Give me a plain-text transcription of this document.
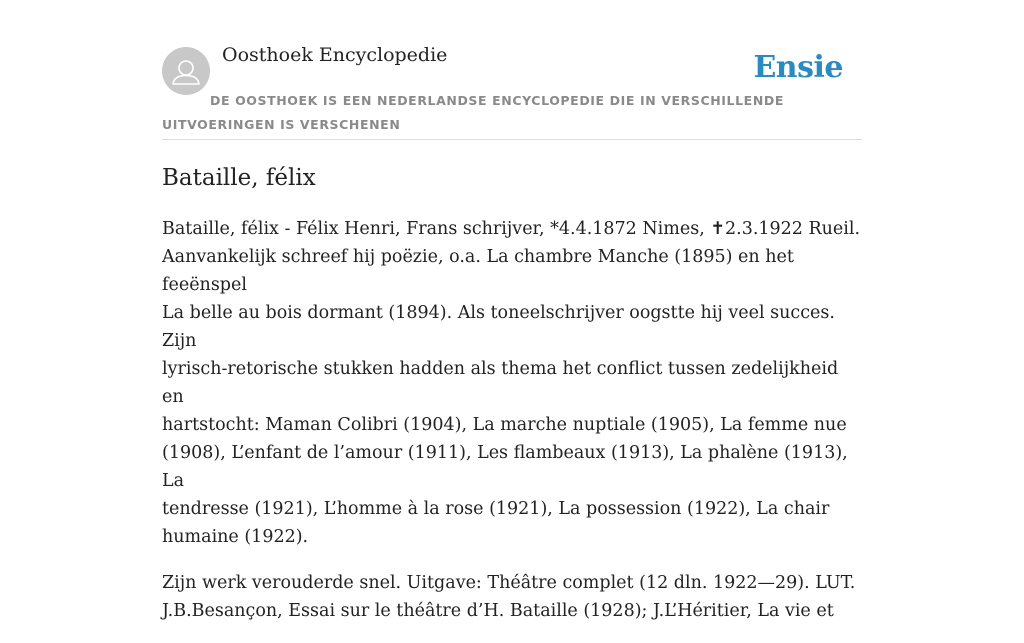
Oosthoek Encyclopedie	Ensie
DE OOSTHOEK IS EEN NEDERLANDSE ENCYCLOPEDIE DIE IN VERSCHILLENDE UITVOERINGEN IS VERSCHENEN
Bataille, félix

Bataille, félix - Félix Henri, Frans schrijver, *4.4.1872 Nimes, ✝2.3.1922 Rueil.
Aanvankelijk schreef hij poëzie, o.a. La chambre Manche (1895) en het feeënspel
La belle au bois dormant (1894). Als toneelschrijver oogstte hij veel succes. Zijn
lyrisch-retorische stukken hadden als thema het conflict tussen zedelijkheid en
hartstocht: Maman Colibri (1904), La marche nuptiale (1905), La femme nue
(1908), L’enfant de l’amour (1911), Les flambeaux (1913), La phalène (1913), La
tendresse (1921), L’homme à la rose (1921), La possession (1922), La chair
humaine (1922).

Zijn werk verouderde snel. Uitgave: Théâtre complet (12 dln. 1922—29). LUT.
J.B.Besançon, Essai sur le théâtre d’H. Bataille (1928); J.L’Héritier, La vie et
